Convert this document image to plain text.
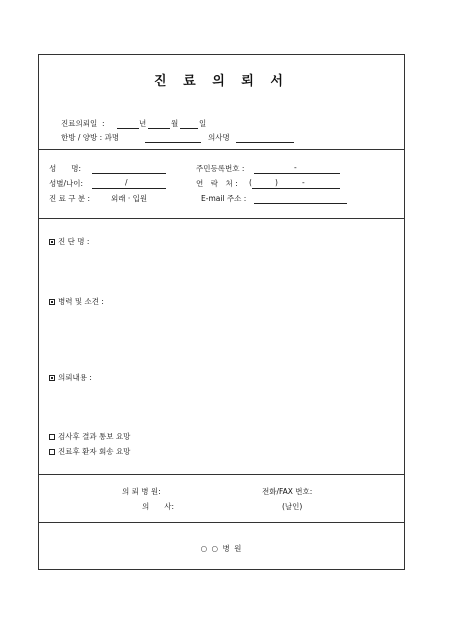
진 료 의 뢰 서
진료의뢰일 :	년	월	일
한방 / 양방 : 과명	의사명
성　　명:	주민등록번호 :	-
성별/나이:	/	연　락　처 : (	)	-
진 료 구 분 :	외래 · 입원	E-mail 주소 :
진 단 명 :
병력 및 소견 :
의뢰내용 :
검사후 결과 통보 요망
진료후 환자 회송 요망
의 뢰 병 원:	전화/FAX 번호:
의　　사:	(날인)
○ ○ 병 원
